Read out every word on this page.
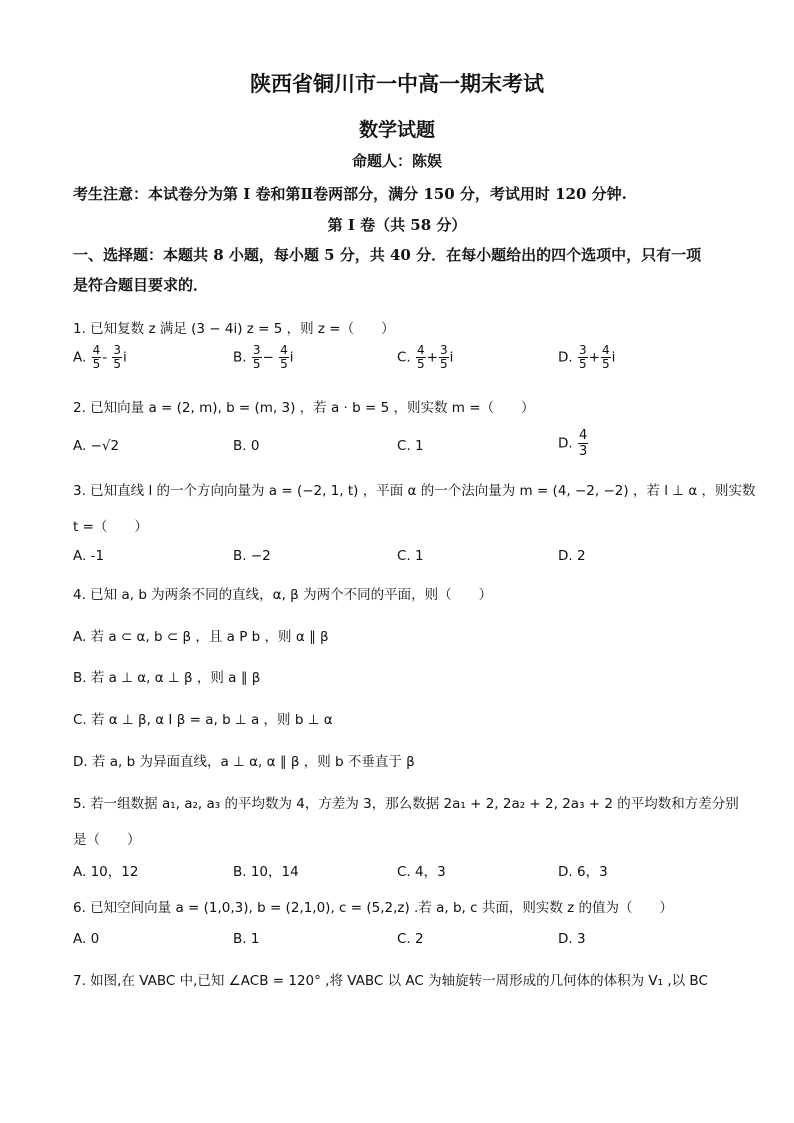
陕西省铜川市一中高一期末考试
数学试题
命题人：陈娱
考生注意：本试卷分为第 I 卷和第Ⅱ卷两部分，满分 150 分，考试用时 120 分钟.
第 I 卷（共 58 分）
一、选择题：本题共 8 小题，每小题 5 分，共 40 分．在每小题给出的四个选项中，只有一项
是符合题目要求的．
1. 已知复数 z 满足 (3 − 4i) z = 5 ，则 z =（　　）
A. $\frac{4}{5} - \frac{3}{5}$ i	B. $\frac{3}{5} - \frac{4}{5}$ i	C. $\frac{4}{5} + \frac{3}{5}$ i	D. $\frac{3}{5} + \frac{4}{5}$ i
2. 已知向量 a = (2, m), b = (m, 3) ，若 a · b = 5 ，则实数 m =（　　）
A. −√2	B. 0	C. 1	D. $\frac{4}{3}$
3. 已知直线 l 的一个方向向量为 a = (−2, 1, t) ，平面 α 的一个法向量为 m = (4, −2, −2) ，若 l ⊥ α ，则实数
t =（　　）
A. -1	B. −2	C. 1	D. 2
4. 已知 a, b 为两条不同的直线，α, β 为两个不同的平面，则（　　）
A. 若 a ⊂ α, b ⊂ β ，且 a P b ，则 α ∥ β
B. 若 a ⊥ α, α ⊥ β ，则 a ∥ β
C. 若 α ⊥ β, α I β = a, b ⊥ a ，则 b ⊥ α
D. 若 a, b 为异面直线，a ⊥ α, α ∥ β ，则 b 不垂直于 β
5. 若一组数据 a₁, a₂, a₃ 的平均数为 4，方差为 3，那么数据 2a₁ + 2, 2a₂ + 2, 2a₃ + 2 的平均数和方差分别
是（　　）
A. 10，12	B. 10，14	C. 4，3	D. 6，3
6. 已知空间向量 a = (1,0,3), b = (2,1,0), c = (5,2,z) .若 a, b, c 共面，则实数 z 的值为（　　）
A. 0	B. 1	C. 2	D. 3
7. 如图,在 VABC 中,已知 ∠ACB = 120° ,将 VABC 以 AC 为轴旋转一周形成的几何体的体积为 V₁ ,以 BC
